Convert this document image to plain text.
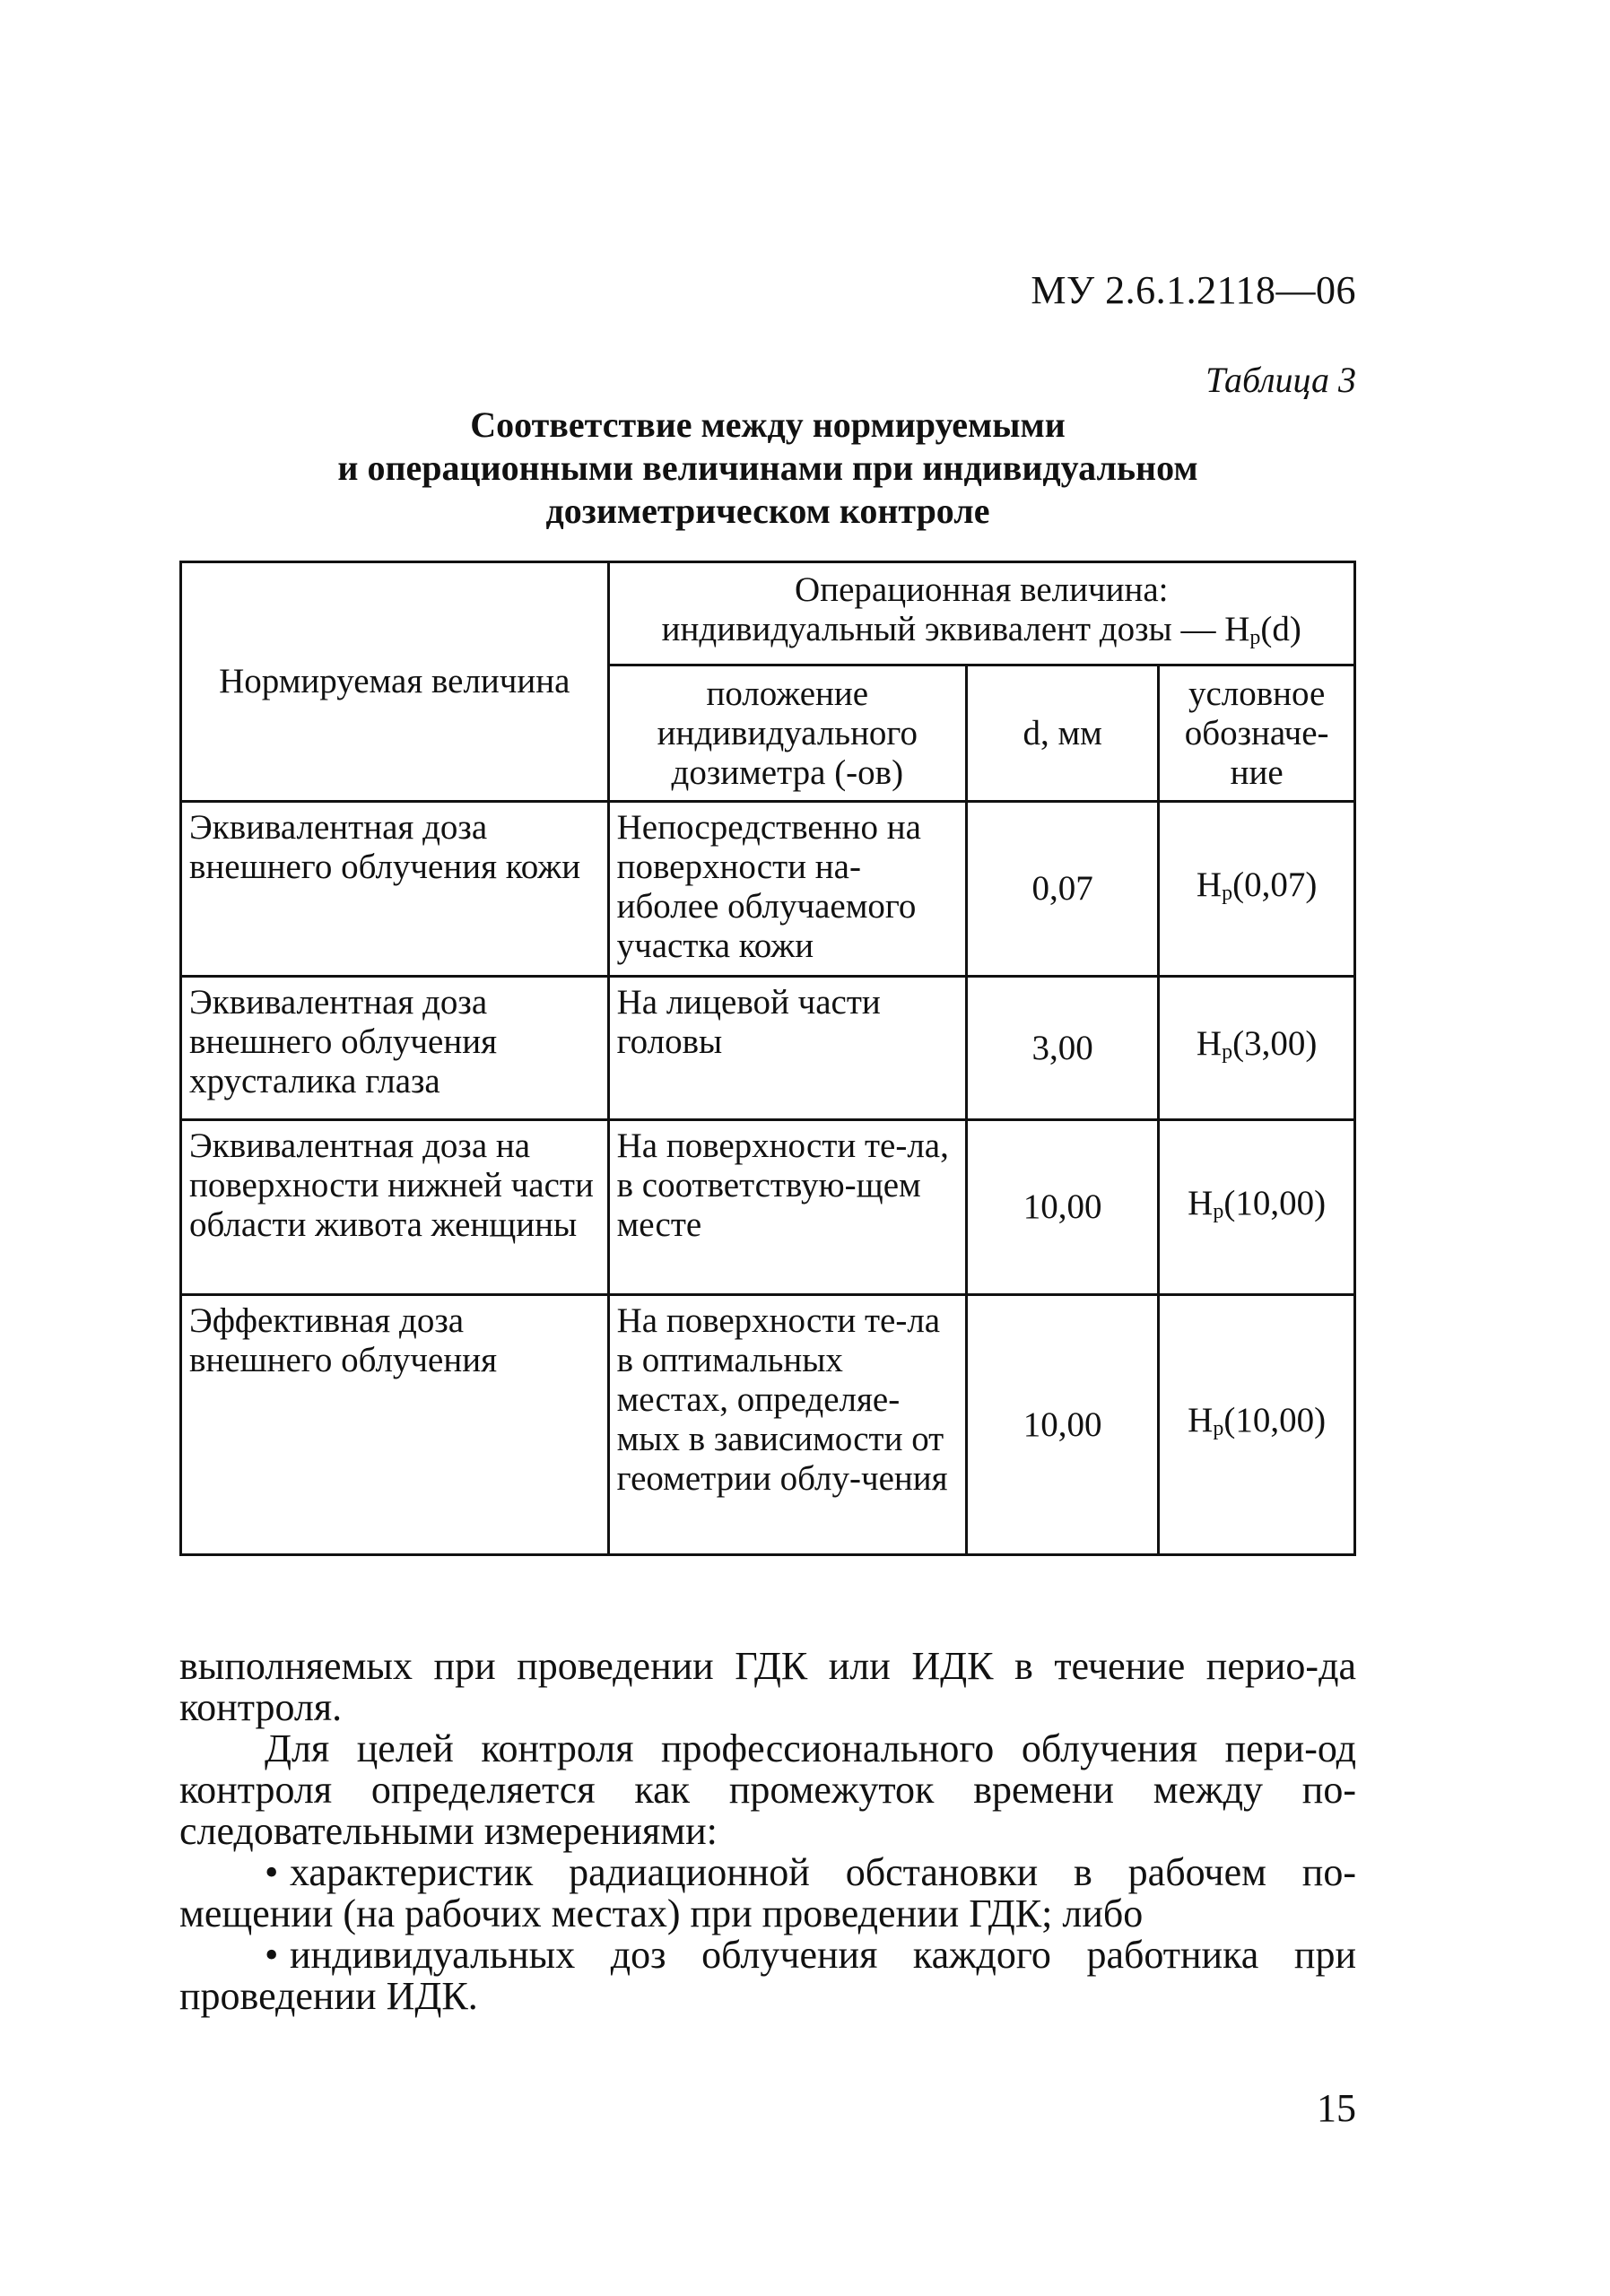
МУ 2.6.1.2118—06
Таблица 3
Соответствие между нормируемыми
и операционными величинами при индивидуальном
дозиметрическом контроле
Нормируемая величина	Операционная величина:
индивидуальный эквивалент дозы — Hp(d)		
	положение индивидуального дозиметра (-ов)	d, мм	условное обозначе-ние
Эквивалентная доза внешнего облучения кожи	Непосредственно на поверхности на-иболее облучаемого участка кожи	0,07	Hp(0,07)
Эквивалентная доза внешнего облучения хрусталика глаза	На лицевой части головы	3,00	Hp(3,00)
Эквивалентная доза на поверхности нижней части области живота женщины	На поверхности те-ла, в соответствую-щем месте	10,00	Hp(10,00)
Эффективная доза внешнего облучения	На поверхности те-ла в оптимальных местах, определяе-мых в зависимости от геометрии облу-чения	10,00	Hp(10,00)

выполняемых при проведении ГДК или ИДК в течение перио-да контроля.

Для целей контроля профессионального облучения пери-од контроля определяется как промежуток времени между по-следовательными измерениями:

• характеристик радиационной обстановки в рабочем по-мещении (на рабочих местах) при проведении ГДК; либо

• индивидуальных доз облучения каждого работника при проведении ИДК.

15
